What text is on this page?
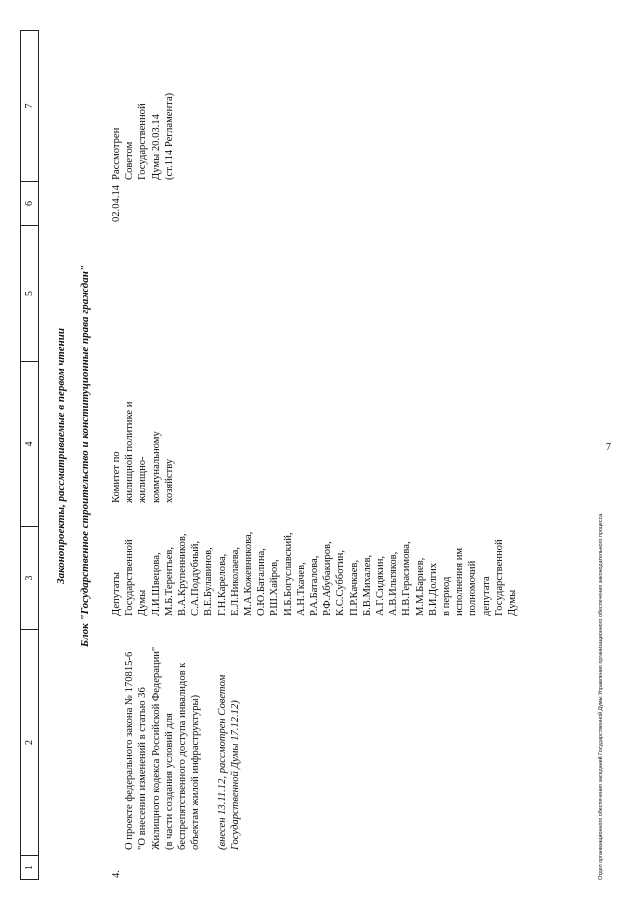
7
1
2
3
4
5
6
7
Законопроекты, рассматриваемые в первом чтении Блок "Государственное строительство и конституционные права граждан"
4.

О проекте федерального закона № 170815-6
"О внесении изменений в статью 36
Жилищного кодекса Российской Федерации"
(в части создания условий для
беспрепятственного доступа инвалидов к
объектам жилой инфраструктуры)

(внесен 13.11.12, рассмотрен Советом
Государственной Думы 17.12.12)

Депутаты
Государственной
Думы
Л.И.Швецова,
М.Б.Терентьев,
В.А.Крупенников,
С.А.Поддубный,
В.Е.Булавинов,
Г.Н.Карелова,
Е.Л.Николаева,
М.А.Кожевникова,
О.Ю.Баталина,
Р.Ш.Хайров,
И.Б.Богуславский,
А.Н.Ткачев,
Р.А.Баталова,
Р.Ф.Абубакиров,
К.С.Субботин,
П.Р.Качкаев,
Б.В.Михалев,
А.Г.Сидякин,
А.В.Ильтяков,
Н.В.Герасимова,
М.М.Бариев,
В.И.Долгих
в период
исполнения им
полномочий
депутата
Государственной
Думы
Комитет по
жилищной политике и
жилищно-
коммунальному
хозяйству
02.04.14
Рассмотрен
Советом
Государственной
Думы 20.03.14
(ст.114 Регламента)
Отдел организационного обеспечения заседаний Государственной Думы Управления организационного обеспечения законодательного процесса
